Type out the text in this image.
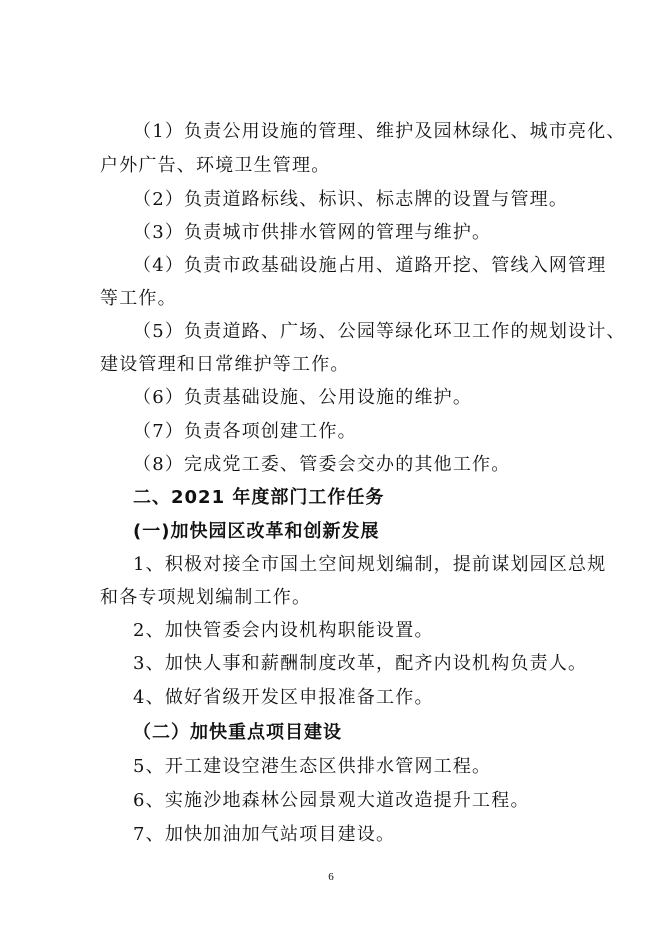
（1）负责公用设施的管理、维护及园林绿化、城市亮化、
户外广告、环境卫生管理。
（2）负责道路标线、标识、标志牌的设置与管理。
（3）负责城市供排水管网的管理与维护。
（4）负责市政基础设施占用、道路开挖、管线入网管理
等工作。
（5）负责道路、广场、公园等绿化环卫工作的规划设计、
建设管理和日常维护等工作。
（6）负责基础设施、公用设施的维护。
（7）负责各项创建工作。
（8）完成党工委、管委会交办的其他工作。
二、2021 年度部门工作任务
(一)加快园区改革和创新发展
1、积极对接全市国土空间规划编制，提前谋划园区总规
和各专项规划编制工作。
2、加快管委会内设机构职能设置。
3、加快人事和薪酬制度改革，配齐内设机构负责人。
4、做好省级开发区申报准备工作。
（二）加快重点项目建设
5、开工建设空港生态区供排水管网工程。
6、实施沙地森林公园景观大道改造提升工程。
7、加快加油加气站项目建设。
6
